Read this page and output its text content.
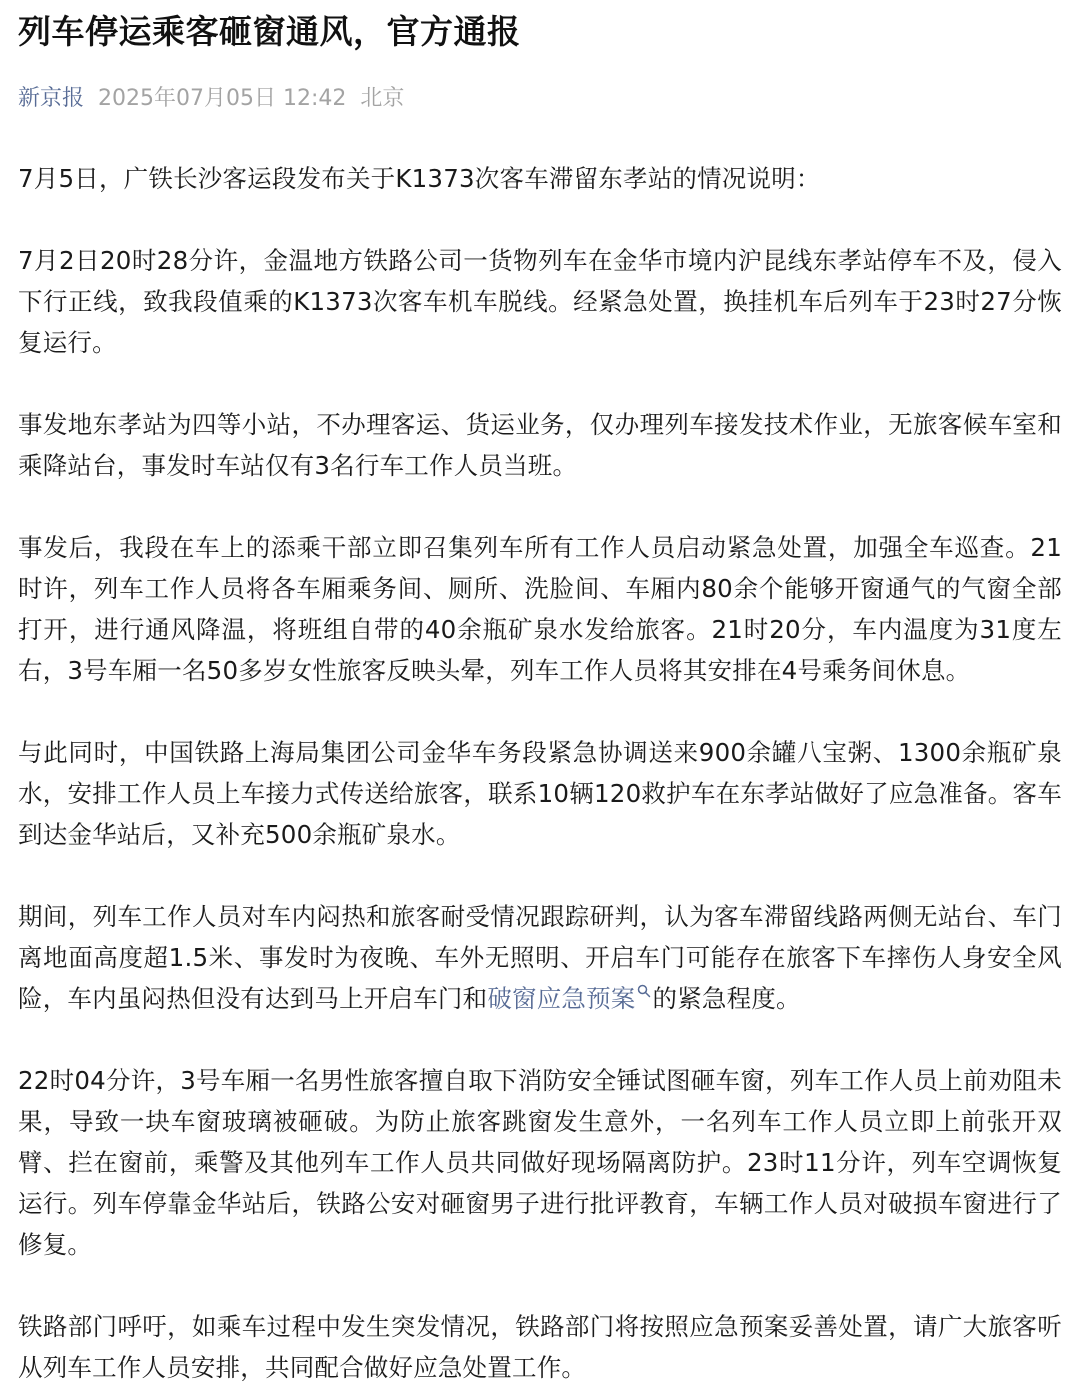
列车停运乘客砸窗通风，官方通报
新京报 2025年07月05日 12:42 北京

7月5日，广铁长沙客运段发布关于K1373次客车滞留东孝站的情况说明：

7月2日20时28分许，金温地方铁路公司一货物列车在金华市境内沪昆线东孝站停车不及，侵入下行正线，致我段值乘的K1373次客车机车脱线。经紧急处置，换挂机车后列车于23时27分恢复运行。

事发地东孝站为四等小站，不办理客运、货运业务，仅办理列车接发技术作业，无旅客候车室和乘降站台，事发时车站仅有3名行车工作人员当班。

事发后，我段在车上的添乘干部立即召集列车所有工作人员启动紧急处置，加强全车巡查。21时许，列车工作人员将各车厢乘务间、厕所、洗脸间、车厢内80余个能够开窗通气的气窗全部打开，进行通风降温，将班组自带的40余瓶矿泉水发给旅客。21时20分，车内温度为31度左右，3号车厢一名50多岁女性旅客反映头晕，列车工作人员将其安排在4号乘务间休息。

与此同时，中国铁路上海局集团公司金华车务段紧急协调送来900余罐八宝粥、1300余瓶矿泉水，安排工作人员上车接力式传送给旅客，联系10辆120救护车在东孝站做好了应急准备。客车到达金华站后，又补充500余瓶矿泉水。

期间，列车工作人员对车内闷热和旅客耐受情况跟踪研判，认为客车滞留线路两侧无站台、车门离地面高度超1.5米、事发时为夜晚、车外无照明、开启车门可能存在旅客下车摔伤人身安全风险，车内虽闷热但没有达到马上开启车门和破窗应急预案 的紧急程度。

22时04分许，3号车厢一名男性旅客擅自取下消防安全锤试图砸车窗，列车工作人员上前劝阻未果，导致一块车窗玻璃被砸破。为防止旅客跳窗发生意外，一名列车工作人员立即上前张开双臂、拦在窗前，乘警及其他列车工作人员共同做好现场隔离防护。23时11分许，列车空调恢复运行。列车停靠金华站后，铁路公安对砸窗男子进行批评教育，车辆工作人员对破损车窗进行了修复。

铁路部门呼吁，如乘车过程中发生突发情况，铁路部门将按照应急预案妥善处置，请广大旅客听从列车工作人员安排，共同配合做好应急处置工作。
